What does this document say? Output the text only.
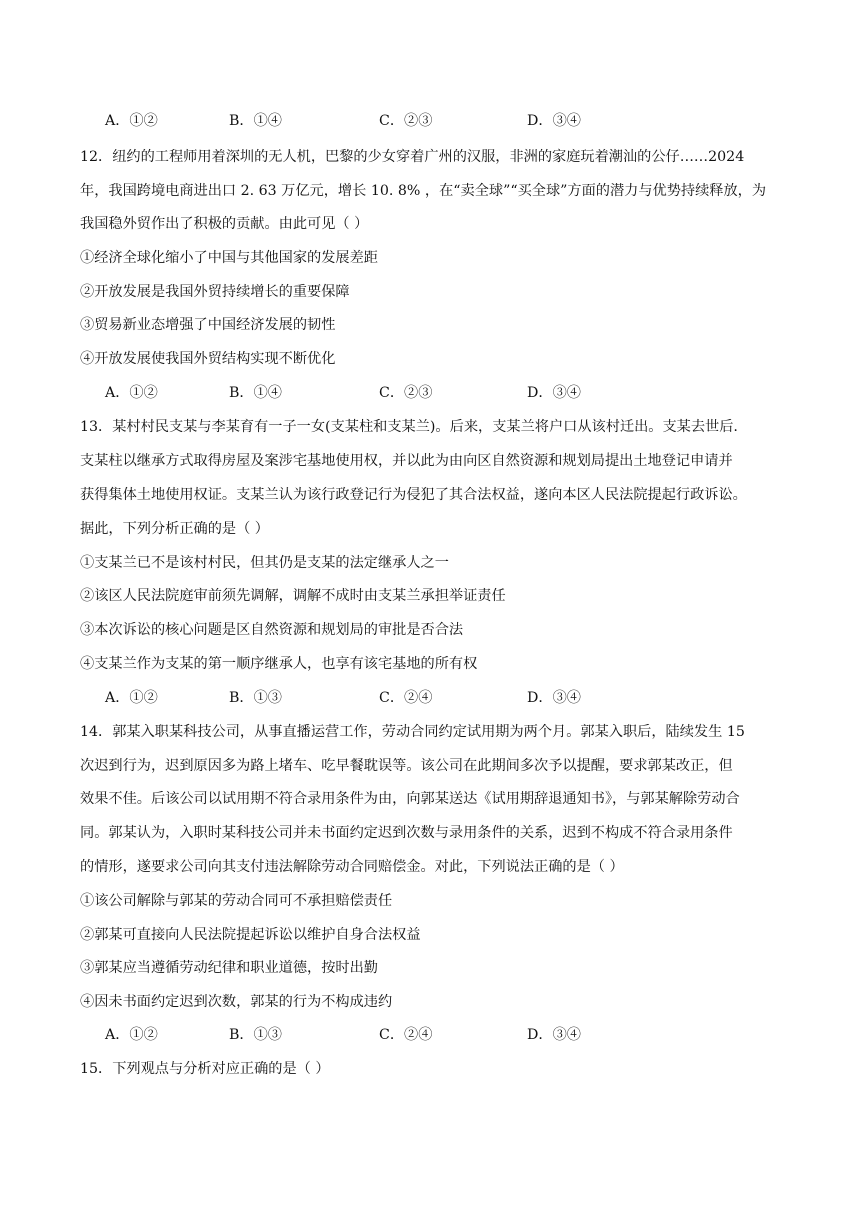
A．①②	B．①④	C．②③	D．③④
12．纽约的工程师用着深圳的无人机，巴黎的少女穿着广州的汉服，非洲的家庭玩着潮汕的公仔……2024
年，我国跨境电商进出口 2. 63 万亿元，增长 10. 8% ，在“卖全球”“买全球”方面的潜力与优势持续释放，为
我国稳外贸作出了积极的贡献。由此可见（ ）
①经济全球化缩小了中国与其他国家的发展差距
②开放发展是我国外贸持续增长的重要保障
③贸易新业态增强了中国经济发展的韧性
④开放发展使我国外贸结构实现不断优化
A．①②	B．①④	C．②③	D．③④
13．某村村民支某与李某育有一子一女(支某柱和支某兰)。后来，支某兰将户口从该村迁出。支某去世后.
支某柱以继承方式取得房屋及案涉宅基地使用权，并以此为由向区自然资源和规划局提出土地登记申请并
获得集体土地使用权证。支某兰认为该行政登记行为侵犯了其合法权益，遂向本区人民法院提起行政诉讼。
据此，下列分析正确的是（ ）
①支某兰已不是该村村民，但其仍是支某的法定继承人之一
②该区人民法院庭审前须先调解，调解不成时由支某兰承担举证责任
③本次诉讼的核心问题是区自然资源和规划局的审批是否合法
④支某兰作为支某的第一顺序继承人，也享有该宅基地的所有权
A．①②	B．①③	C．②④	D．③④
14．郭某入职某科技公司，从事直播运营工作，劳动合同约定试用期为两个月。郭某入职后，陆续发生 15
次迟到行为，迟到原因多为路上堵车、吃早餐耽误等。该公司在此期间多次予以提醒，要求郭某改正，但
效果不佳。后该公司以试用期不符合录用条件为由，向郭某送达《试用期辞退通知书》，与郭某解除劳动合
同。郭某认为，入职时某科技公司并未书面约定迟到次数与录用条件的关系，迟到不构成不符合录用条件
的情形，遂要求公司向其支付违法解除劳动合同赔偿金。对此，下列说法正确的是（ ）
①该公司解除与郭某的劳动合同可不承担赔偿责任
②郭某可直接向人民法院提起诉讼以维护自身合法权益
③郭某应当遵循劳动纪律和职业道德，按时出勤
④因未书面约定迟到次数，郭某的行为不构成违约
A．①②	B．①③	C．②④	D．③④
15．下列观点与分析对应正确的是（ ）
